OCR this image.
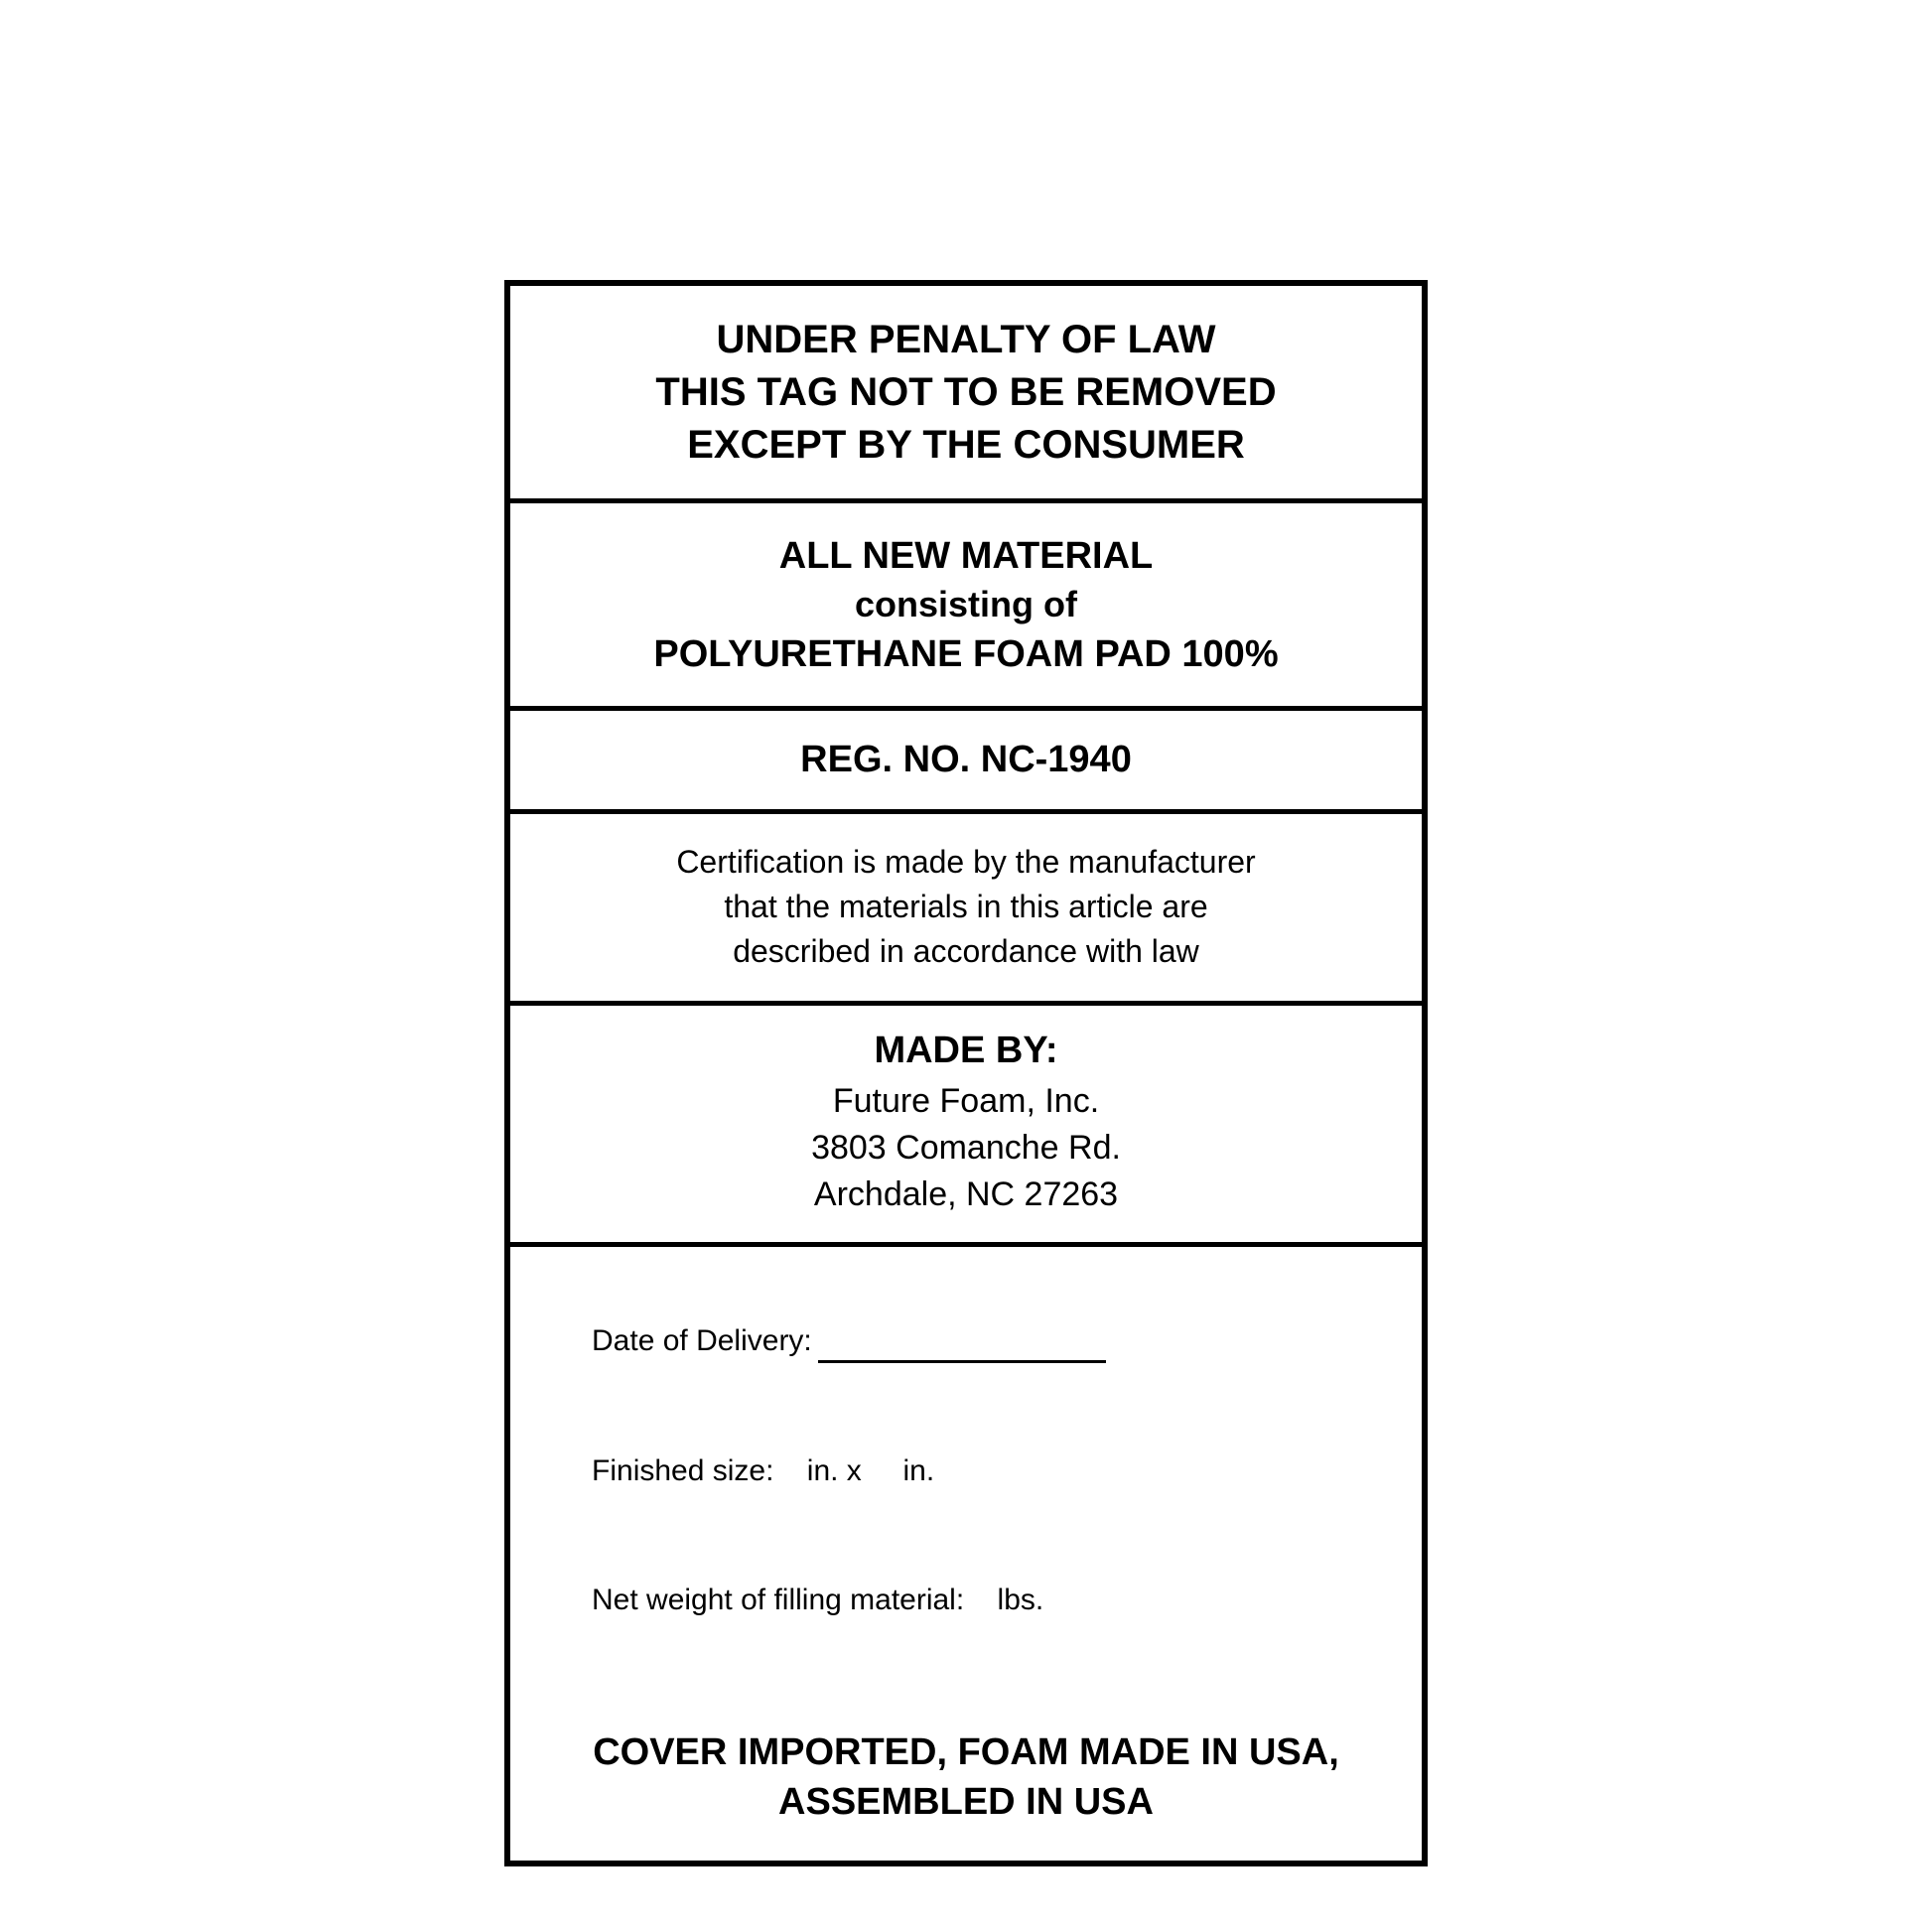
UNDER PENALTY OF LAW
THIS TAG NOT TO BE REMOVED
EXCEPT BY THE CONSUMER
ALL NEW MATERIAL
consisting of
POLYURETHANE FOAM PAD 100%
REG. NO. NC-1940
Certification is made by the manufacturer
that the materials in this article are
described in accordance with law
MADE BY:
Future Foam, Inc.
3803 Comanche Rd.
Archdale, NC 27263

Date of Delivery:

Finished size:    in. x     in.

Net weight of filling material:    lbs.

COVER IMPORTED, FOAM MADE IN USA,
ASSEMBLED IN USA
